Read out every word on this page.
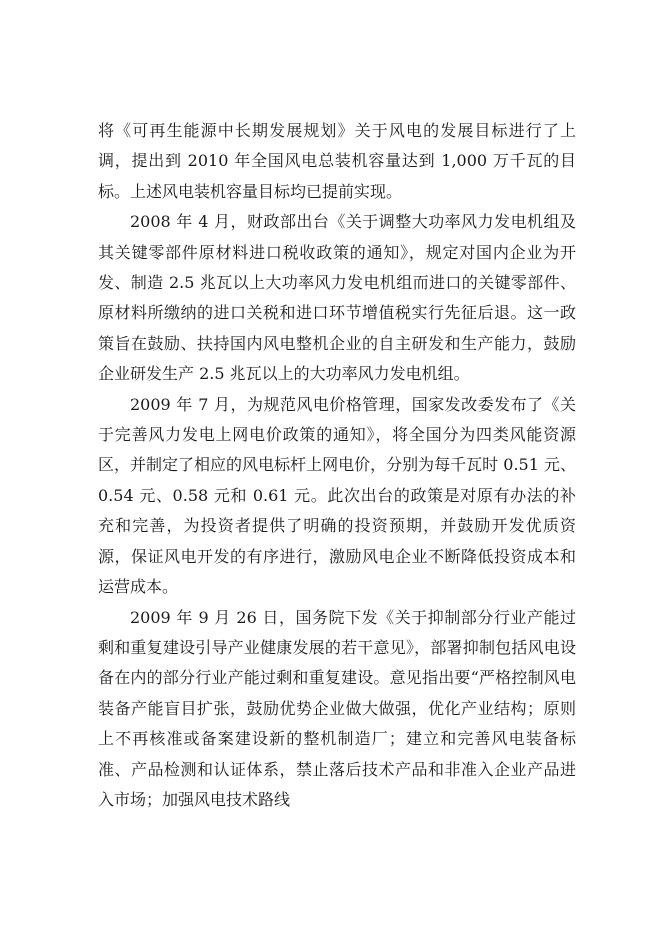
将《可再生能源中长期发展规划》关于风电的发展目标进行了上调，提出到 2010 年全国风电总装机容量达到 1,000 万千瓦的目标。上述风电装机容量目标均已提前实现。

2008 年 4 月，财政部出台《关于调整大功率风力发电机组及其关键零部件原材料进口税收政策的通知》，规定对国内企业为开发、制造 2.5 兆瓦以上大功率风力发电机组而进口的关键零部件、原材料所缴纳的进口关税和进口环节增值税实行先征后退。这一政策旨在鼓励、扶持国内风电整机企业的自主研发和生产能力，鼓励企业研发生产 2.5 兆瓦以上的大功率风力发电机组。

2009 年 7 月，为规范风电价格管理，国家发改委发布了《关于完善风力发电上网电价政策的通知》，将全国分为四类风能资源区，并制定了相应的风电标杆上网电价，分别为每千瓦时 0.51 元、0.54 元、0.58 元和 0.61 元。此次出台的政策是对原有办法的补充和完善，为投资者提供了明确的投资预期，并鼓励开发优质资源，保证风电开发的有序进行，激励风电企业不断降低投资成本和运营成本。

2009 年 9 月 26 日，国务院下发《关于抑制部分行业产能过剩和重复建设引导产业健康发展的若干意见》，部署抑制包括风电设备在内的部分行业产能过剩和重复建设。意见指出要“严格控制风电装备产能盲目扩张，鼓励优势企业做大做强，优化产业结构；原则上不再核准或备案建设新的整机制造厂；建立和完善风电装备标准、产品检测和认证体系，禁止落后技术产品和非准入企业产品进入市场；加强风电技术路线
